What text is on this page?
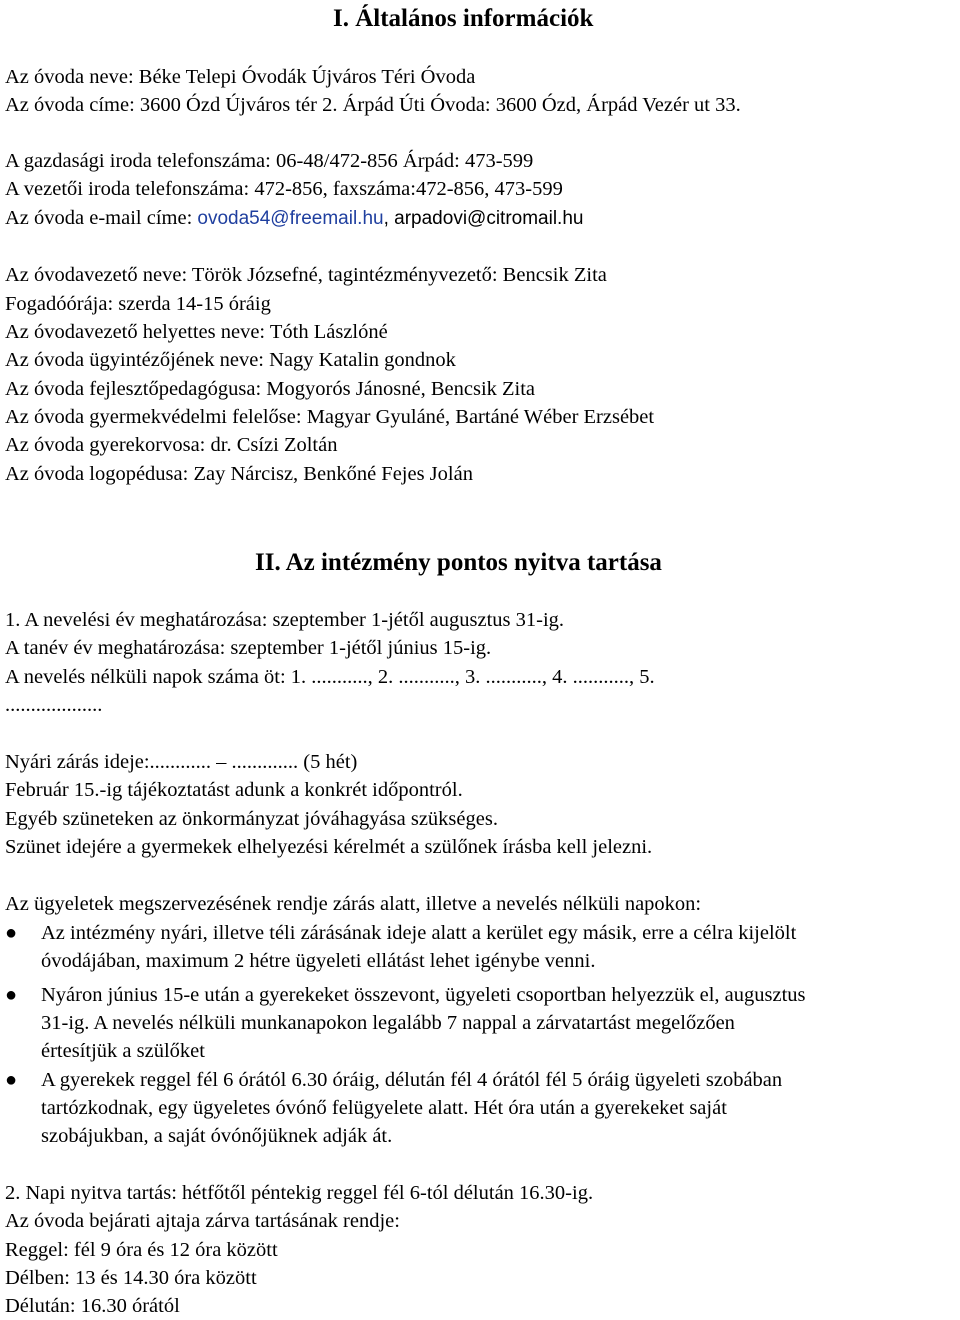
I. Általános információk
Az óvoda neve: Béke Telepi Óvodák Újváros Téri Óvoda
Az óvoda címe: 3600 Ózd Újváros tér 2. Árpád Úti Óvoda: 3600 Ózd, Árpád Vezér ut 33.
A gazdasági iroda telefonszáma: 06-48/472-856 Árpád: 473-599
A vezetői iroda telefonszáma: 472-856, faxszáma:472-856, 473-599
Az óvoda e-mail címe: ovoda54@freemail.hu, arpadovi@citromail.hu
Az óvodavezető neve: Török Józsefné, tagintézményvezető: Bencsik Zita
Fogadóórája: szerda 14-15 óráig
Az óvodavezető helyettes neve: Tóth Lászlóné
Az óvoda ügyintézőjének neve: Nagy Katalin gondnok
Az óvoda fejlesztőpedagógusa: Mogyorós Jánosné, Bencsik Zita
Az óvoda gyermekvédelmi felelőse: Magyar Gyuláné, Bartáné Wéber Erzsébet
Az óvoda gyerekorvosa: dr. Csízi Zoltán
Az óvoda logopédusa: Zay Nárcisz, Benkőné Fejes Jolán
II. Az intézmény pontos nyitva tartása
1. A nevelési év meghatározása: szeptember 1-jétől augusztus 31-ig.
A tanév év meghatározása: szeptember 1-jétől június 15-ig.
A nevelés nélküli napok száma öt: 1. ..........., 2. ..........., 3. ..........., 4. ..........., 5.
...................
Nyári zárás ideje:............ – ............. (5 hét)
Február 15.-ig tájékoztatást adunk a konkrét időpontról.
Egyéb szüneteken az önkormányzat jóváhagyása szükséges.
Szünet idejére a gyermekek elhelyezési kérelmét a szülőnek írásba kell jelezni.
Az ügyeletek megszervezésének rendje zárás alatt, illetve a nevelés nélküli napokon:
● Az intézmény nyári, illetve téli zárásának ideje alatt a kerület egy másik, erre a célra kijelölt
óvodájában, maximum 2 hétre ügyeleti ellátást lehet igénybe venni.
● Nyáron június 15-e után a gyerekeket összevont, ügyeleti csoportban helyezzük el, augusztus
31-ig. A nevelés nélküli munkanapokon legalább 7 nappal a zárvatartást megelőzően
értesítjük a szülőket
● A gyerekek reggel fél 6 órától 6.30 óráig, délután fél 4 órától fél 5 óráig ügyeleti szobában
tartózkodnak, egy ügyeletes óvónő felügyelete alatt. Hét óra után a gyerekeket saját
szobájukban, a saját óvónőjüknek adják át.
2. Napi nyitva tartás: hétfőtől péntekig reggel fél 6-tól délután 16.30-ig.
Az óvoda bejárati ajtaja zárva tartásának rendje:
Reggel: fél 9 óra és 12 óra között
Délben: 13 és 14.30 óra között
Délután: 16.30 órától
